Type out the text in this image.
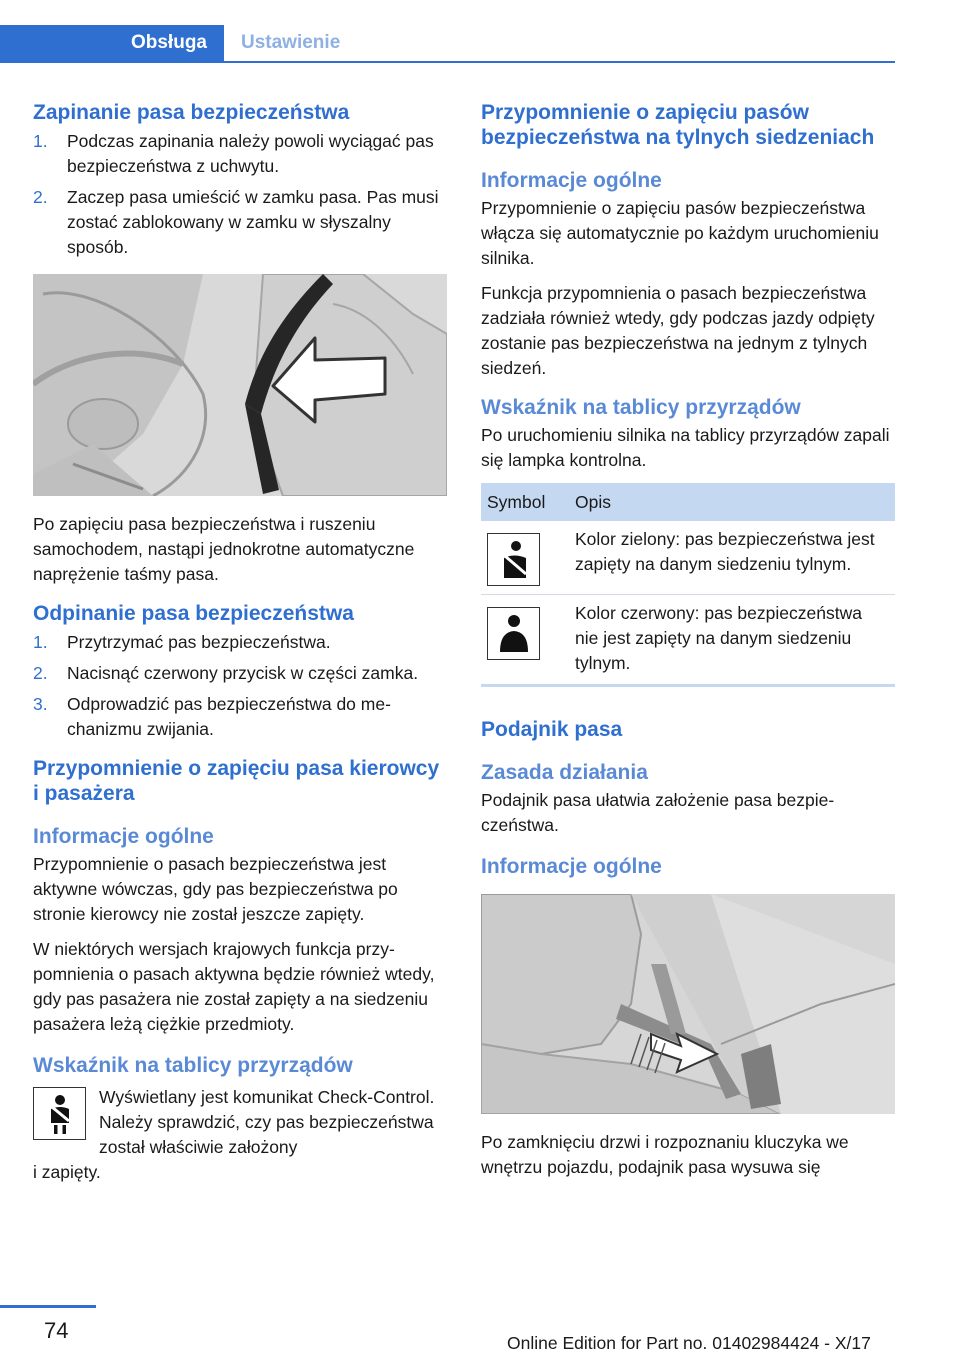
Obsługa	Ustawienie
Zapinanie pasa bezpieczeństwa
1. Podczas zapinania należy powoli wyciągać pas bezpieczeństwa z uchwytu.
2. Zaczep pasa umieścić w zamku pasa. Pas musi zostać zablokowany w zamku w słyszalny sposób.

Po zapięciu pasa bezpieczeństwa i ruszeniu samochodem, nastąpi jednokrotne automatyczne naprężenie taśmy pasa.

Odpinanie pasa bezpieczeństwa
1. Przytrzymać pas bezpieczeństwa.
2. Nacisnąć czerwony przycisk w części zamka.
3. Odprowadzić pas bezpieczeństwa do mechanizmu zwijania.
Przypomnienie o zapięciu pasa kierowcy i pasażera
Informacje ogólne

Przypomnienie o pasach bezpieczeństwa jest aktywne wówczas, gdy pas bezpieczeństwa po stronie kierowcy nie został jeszcze zapięty.

W niektórych wersjach krajowych funkcja przypomnienia o pasach aktywna będzie również wtedy, gdy pas pasażera nie został zapięty a na siedzeniu pasażera leżą ciężkie przedmioty.

Wskaźnik na tablicy przyrządów

Wyświetlany jest komunikat Check-Control. Należy sprawdzić, czy pas bezpieczeństwa został właściwie założony

i zapięty.

Przypomnienie o zapięciu pasów bezpieczeństwa na tylnych siedzeniach
Informacje ogólne

Przypomnienie o zapięciu pasów bezpieczeństwa włącza się automatycznie po każdym uruchomieniu silnika.

Funkcja przypomnienia o pasach bezpieczeństwa zadziała również wtedy, gdy podczas jazdy odpięty zostanie pas bezpieczeństwa na jednym z tylnych siedzeń.

Wskaźnik na tablicy przyrządów

Po uruchomieniu silnika na tablicy przyrządów zapali się lampka kontrolna.

Symbol	Opis

	Kolor zielony: pas bezpieczeństwa jest zapięty na danym siedzeniu tylnym.

	Kolor czerwony: pas bezpieczeństwa nie jest zapięty na danym siedzeniu tylnym.
Podajnik pasa
Zasada działania

Podajnik pasa ułatwia założenie pasa bezpieczeństwa.

Informacje ogólne

Po zamknięciu drzwi i rozpoznaniu kluczyka we wnętrzu pojazdu, podajnik pasa wysuwa się

74	Online Edition for Part no. 01402984424 - X/17
